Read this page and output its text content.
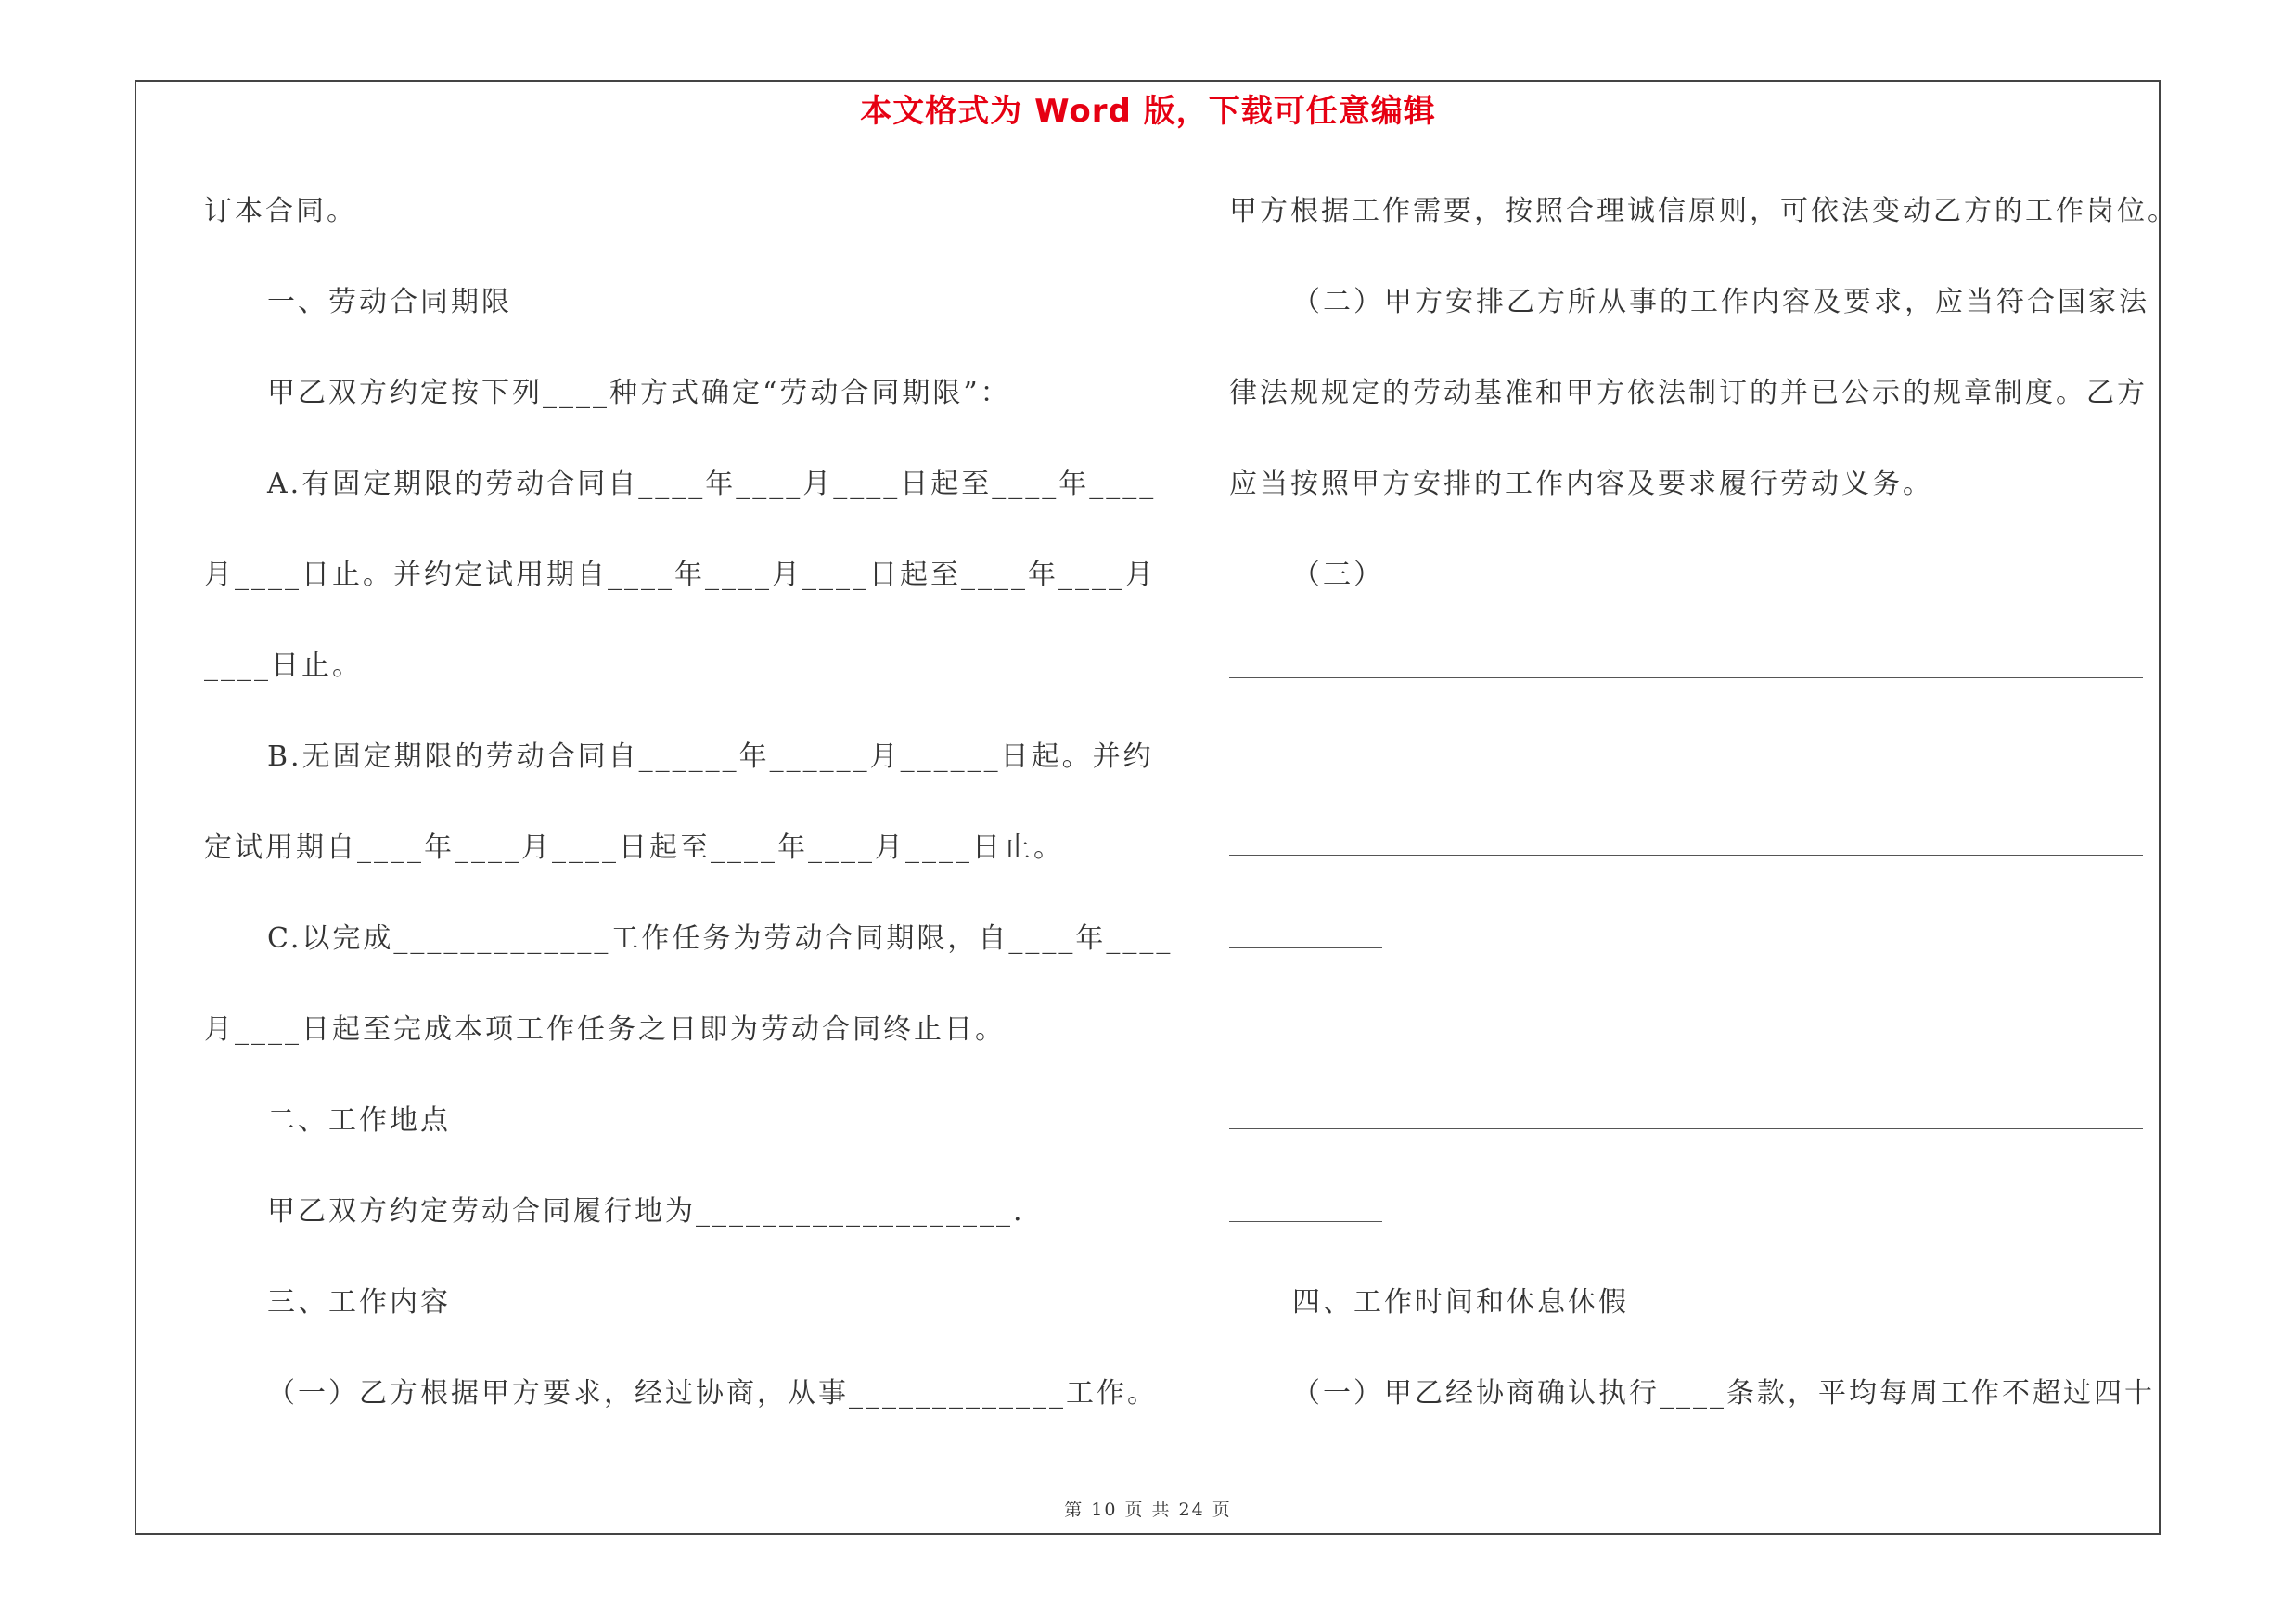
本文格式为 Word 版，下载可任意编辑
订本合同。
一、劳动合同期限
甲乙双方约定按下列____种方式确定“劳动合同期限”：
A.有固定期限的劳动合同自____年____月____日起至____年____
月____日止。并约定试用期自____年____月____日起至____年____月
____日止。
B.无固定期限的劳动合同自______年______月______日起。并约
定试用期自____年____月____日起至____年____月____日止。
C.以完成_____________工作任务为劳动合同期限，自____年____
月____日起至完成本项工作任务之日即为劳动合同终止日。
二、工作地点
甲乙双方约定劳动合同履行地为___________________.
三、工作内容
（一）乙方根据甲方要求，经过协商，从事_____________工作。
甲方根据工作需要，按照合理诚信原则，可依法变动乙方的工作岗位。
（二）甲方安排乙方所从事的工作内容及要求，应当符合国家法
律法规规定的劳动基准和甲方依法制订的并已公示的规章制度。乙方
应当按照甲方安排的工作内容及要求履行劳动义务。
（三）
四、工作时间和休息休假
（一）甲乙经协商确认执行____条款，平均每周工作不超过四十
第 10 页 共 24 页
